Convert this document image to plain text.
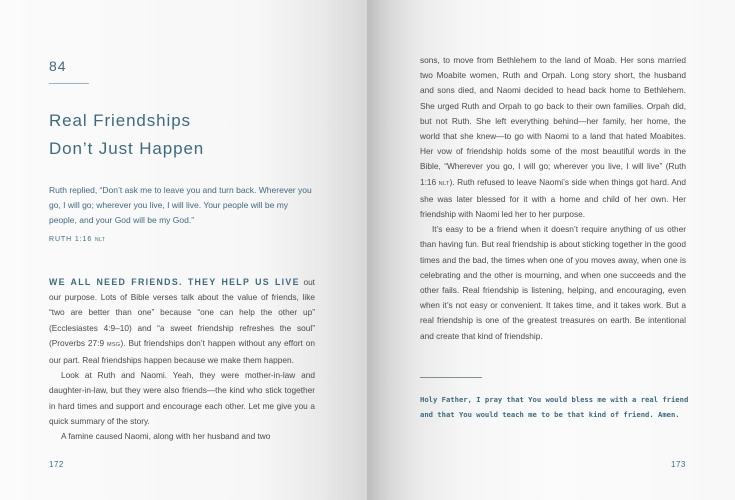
84
Real Friendships
Don’t Just Happen

Ruth replied, “Don’t ask me to leave you and turn back. Wherever you go, I will go; wherever you live, I will live. Your people will be my people, and your God will be my God.”

RUTH 1:16 NLT

WE ALL NEED FRIENDS. THEY HELP US LIVE out our purpose. Lots of Bible verses talk about the value of friends, like “two are better than one” because “one can help the other up” (Ecclesiastes 4:9–10) and “a sweet friendship refreshes the soul” (Proverbs 27:9 MSG). But friendships don’t happen without any effort on our part. Real friendships happen because we make them happen.

Look at Ruth and Naomi. Yeah, they were mother-in-law and daughter-in-law, but they were also friends—the kind who stick together in hard times and support and encourage each other. Let me give you a quick summary of the story.

A famine caused Naomi, along with her husband and two

172

sons, to move from Bethlehem to the land of Moab. Her sons married two Moabite women, Ruth and Orpah. Long story short, the husband and sons died, and Naomi decided to head back home to Bethlehem. She urged Ruth and Orpah to go back to their own families. Orpah did, but not Ruth. She left everything behind—her family, her home, the world that she knew—to go with Naomi to a land that hated Moabites. Her vow of friendship holds some of the most beautiful words in the Bible, “Wherever you go, I will go; wherever you live, I will live” (Ruth 1:16 NLT). Ruth refused to leave Naomi’s side when things got hard. And she was later blessed for it with a home and child of her own. Her friendship with Naomi led her to her purpose.

It’s easy to be a friend when it doesn’t require anything of us other than having fun. But real friendship is about sticking together in the good times and the bad, the times when one of you moves away, when one is celebrating and the other is mourning, and when one succeeds and the other fails. Real friendship is listening, helping, and encouraging, even when it’s not easy or convenient. It takes time, and it takes work. But a real friendship is one of the greatest treasures on earth. Be intentional and create that kind of friendship.

Holy Father, I pray that You would bless me with a real friend and that You would teach me to be that kind of friend. Amen.

173
